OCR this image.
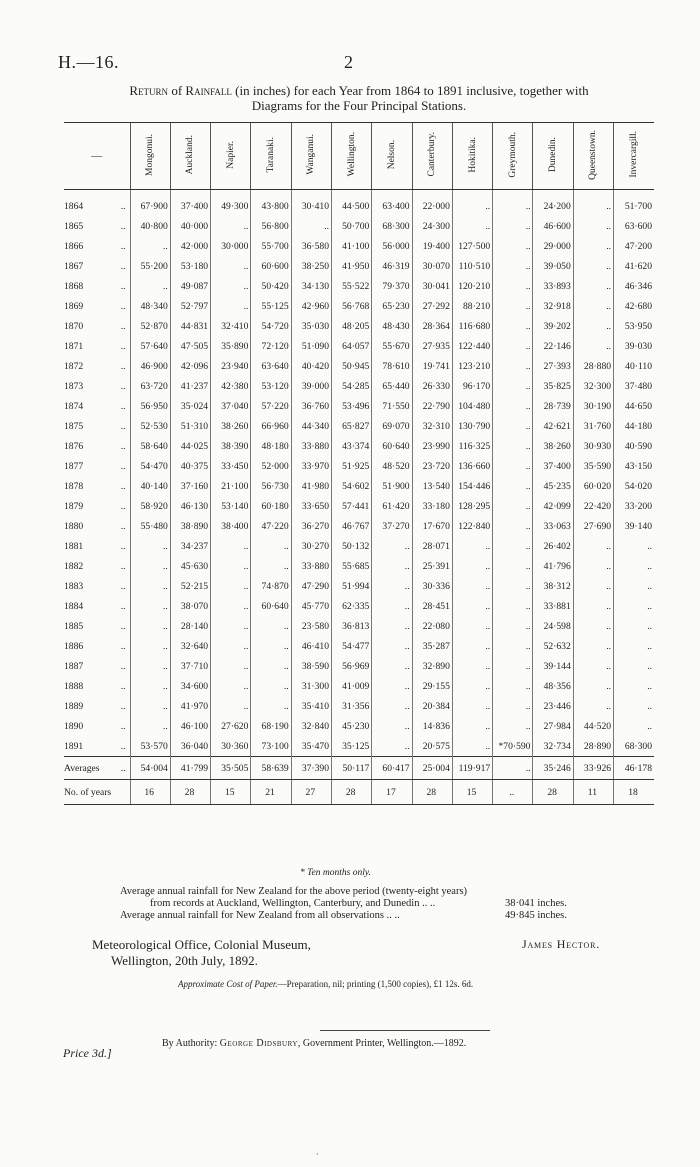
H.—16.	2
Return of Rainfall (in inches) for each Year from 1864 to 1891 inclusive, together with
Diagrams for the Four Principal Stations.
—	Mongonui.	Auckland.	Napier.	Taranaki.	Wanganui.	Wellington.	Nelson.	Canterbury.	Hokitika.	Greymouth.	Dunedin.	Queenstown.	Invercargill.

1864 ..	67·900	37·400	49·300	43·800	30·410	44·500	63·400	22·000	..	..	24·200	..	51·700

1865 ..	40·800	40·000	..	56·800	..	50·700	68·300	24·300	..	..	46·600	..	63·600

1866 ..	..	42·000	30·000	55·700	36·580	41·100	56·000	19·400	127·500	..	29·000	..	47·200

1867 ..	55·200	53·180	..	60·600	38·250	41·950	46·319	30·070	110·510	..	39·050	..	41·620

1868 ..	..	49·087	..	50·420	34·130	55·522	79·370	30·041	120·210	..	33·893	..	46·346

1869 ..	48·340	52·797	..	55·125	42·960	56·768	65·230	27·292	88·210	..	32·918	..	42·680

1870 ..	52·870	44·831	32·410	54·720	35·030	48·205	48·430	28·364	116·680	..	39·202	..	53·950

1871 ..	57·640	47·505	35·890	72·120	51·090	64·057	55·670	27·935	122·440	..	22·146	..	39·030

1872 ..	46·900	42·096	23·940	63·640	40·420	50·945	78·610	19·741	123·210	..	27·393	28·880	40·110

1873 ..	63·720	41·237	42·380	53·120	39·000	54·285	65·440	26·330	96·170	..	35·825	32·300	37·480

1874 ..	56·950	35·024	37·040	57·220	36·760	53·496	71·550	22·790	104·480	..	28·739	30·190	44·650

1875 ..	52·530	51·310	38·260	66·960	44·340	65·827	69·070	32·310	130·790	..	42·621	31·760	44·180

1876 ..	58·640	44·025	38·390	48·180	33·880	43·374	60·640	23·990	116·325	..	38·260	30·930	40·590

1877 ..	54·470	40·375	33·450	52·000	33·970	51·925	48·520	23·720	136·660	..	37·400	35·590	43·150

1878 ..	40·140	37·160	21·100	56·730	41·980	54·602	51·900	13·540	154·446	..	45·235	60·020	54·020

1879 ..	58·920	46·130	53·140	60·180	33·650	57·441	61·420	33·180	128·295	..	42·099	22·420	33·200

1880 ..	55·480	38·890	38·400	47·220	36·270	46·767	37·270	17·670	122·840	..	33·063	27·690	39·140

1881 ..	..	34·237	..	..	30·270	50·132	..	28·071	..	..	26·402	..	..

1882 ..	..	45·630	..	..	33·880	55·685	..	25·391	..	..	41·796	..	..

1883 ..	..	52·215	..	74·870	47·290	51·994	..	30·336	..	..	38·312	..	..

1884 ..	..	38·070	..	60·640	45·770	62·335	..	28·451	..	..	33·881	..	..

1885 ..	..	28·140	..	..	23·580	36·813	..	22·080	..	..	24·598	..	..

1886 ..	..	32·640	..	..	46·410	54·477	..	35·287	..	..	52·632	..	..

1887 ..	..	37·710	..	..	38·590	56·969	..	32·890	..	..	39·144	..	..

1888 ..	..	34·600	..	..	31·300	41·009	..	29·155	..	..	48·356	..	..

1889 ..	..	41·970	..	..	35·410	31·356	..	20·384	..	..	23·446	..	..

1890 ..	..	46·100	27·620	68·190	32·840	45·230	..	14·836	..	..	27·984	44·520	..

1891 ..	53·570	36·040	30·360	73·100	35·470	35·125	..	20·575	..	*70·590	32·734	28·890	68·300

Averages ..	54·004	41·799	35·505	58·639	37·390	50·117	60·417	25·004	119·917	..	35·246	33·926	46·178

No. of years	16	28	15	21	27	28	17	28	15	..	28	11	18
* Ten months only.
Average annual rainfall for New Zealand for the above period (twenty-eight years)
from records at Auckland, Wellington, Canterbury, and Dunedin .. ..	38·041 inches.
Average annual rainfall for New Zealand from all observations .. ..	49·845 inches.
Meteorological Office, Colonial Museum,
Wellington, 20th July, 1892.
James Hector.
Approximate Cost of Paper.—Preparation, nil; printing (1,500 copies), £1 12s. 6d.
By Authority: George Didsbury, Government Printer, Wellington.—1892.
Price 3d.]
·
